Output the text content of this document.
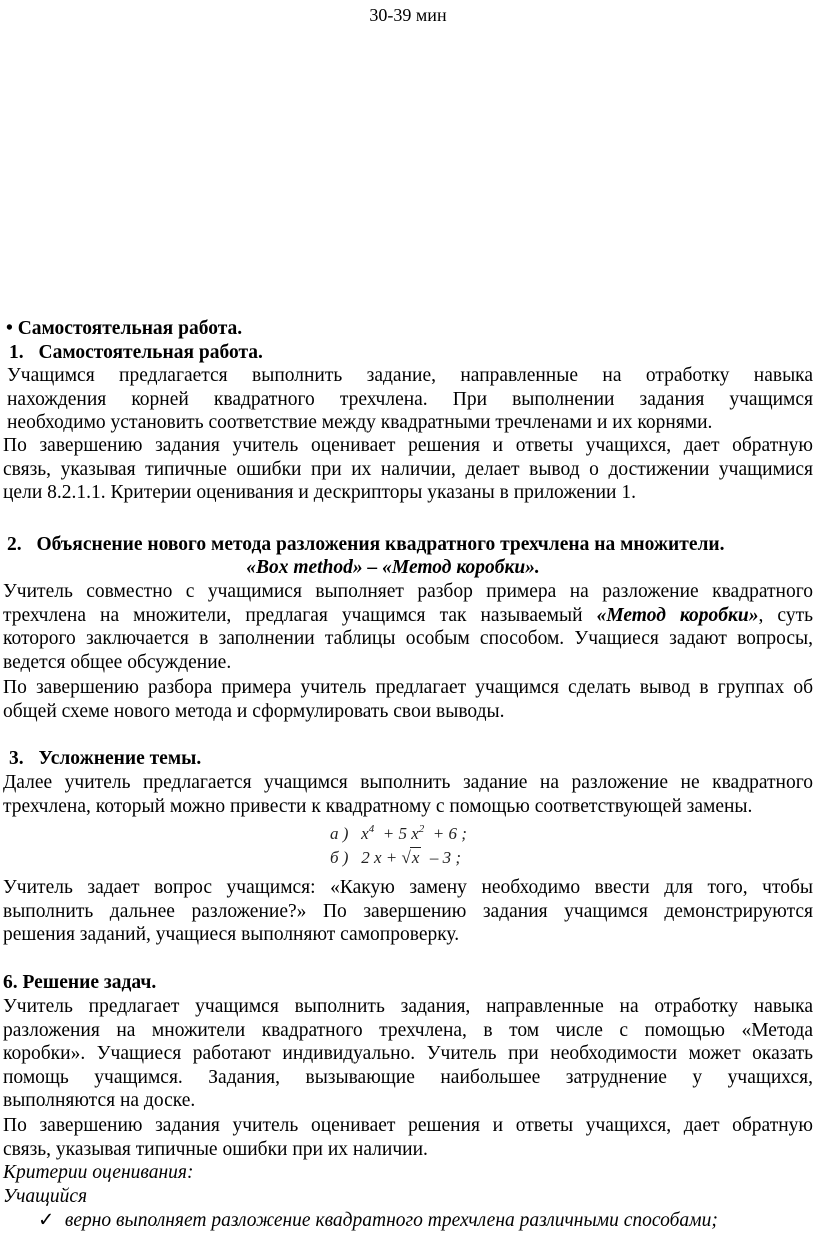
30-39 мин
• Самостоятельная работа.
1. Самостоятельная работа.
Учащимся предлагается выполнить задание, направленные на отработку навыка
нахождения корней квадратного трехчлена. При выполнении задания учащимся
необходимо установить соответствие между квадратными тречленами и их корнями.
По завершению задания учитель оценивает решения и ответы учащихся, дает обратную
связь, указывая типичные ошибки при их наличии, делает вывод о достижении учащимися
цели 8.2.1.1. Критерии оценивания и дескрипторы указаны в приложении 1.
2. Объяснение нового метода разложения квадратного трехчлена на множители.
«Box method» – «Метод коробки».
Учитель совместно с учащимися выполняет разбор примера на разложение квадратного
трехчлена на множители, предлагая учащимся так называемый «Метод коробки», суть
которого заключается в заполнении таблицы особым способом. Учащиеся задают вопросы,
ведется общее обсуждение.
По завершению разбора примера учитель предлагает учащимся сделать вывод в группах об
общей схеме нового метода и сформулировать свои выводы.
3. Усложнение темы.
Далее учитель предлагается учащимся выполнить задание на разложение не квадратного
трехчлена, который можно привести к квадратному с помощью соответствующей замены.
а ) $x^4 + 5$ $x^2 + 6$ ;
б ) 2 x + √x – 3 ;
Учитель задает вопрос учащимся: «Какую замену необходимо ввести для того, чтобы
выполнить дальнее разложение?» По завершению задания учащимся демонстрируются
решения заданий, учащиеся выполняют самопроверку.
6. Решение задач.
Учитель предлагает учащимся выполнить задания, направленные на отработку навыка
разложения на множители квадратного трехчлена, в том числе с помощью «Метода
коробки». Учащиеся работают индивидуально. Учитель при необходимости может оказать
помощь учащимся. Задания, вызывающие наибольшее затруднение у учащихся,
выполняются на доске.
По завершению задания учитель оценивает решения и ответы учащихся, дает обратную
связь, указывая типичные ошибки при их наличии.
Критерии оценивания:
Учащийся
✓ верно выполняет разложение квадратного трехчлена различными способами;
